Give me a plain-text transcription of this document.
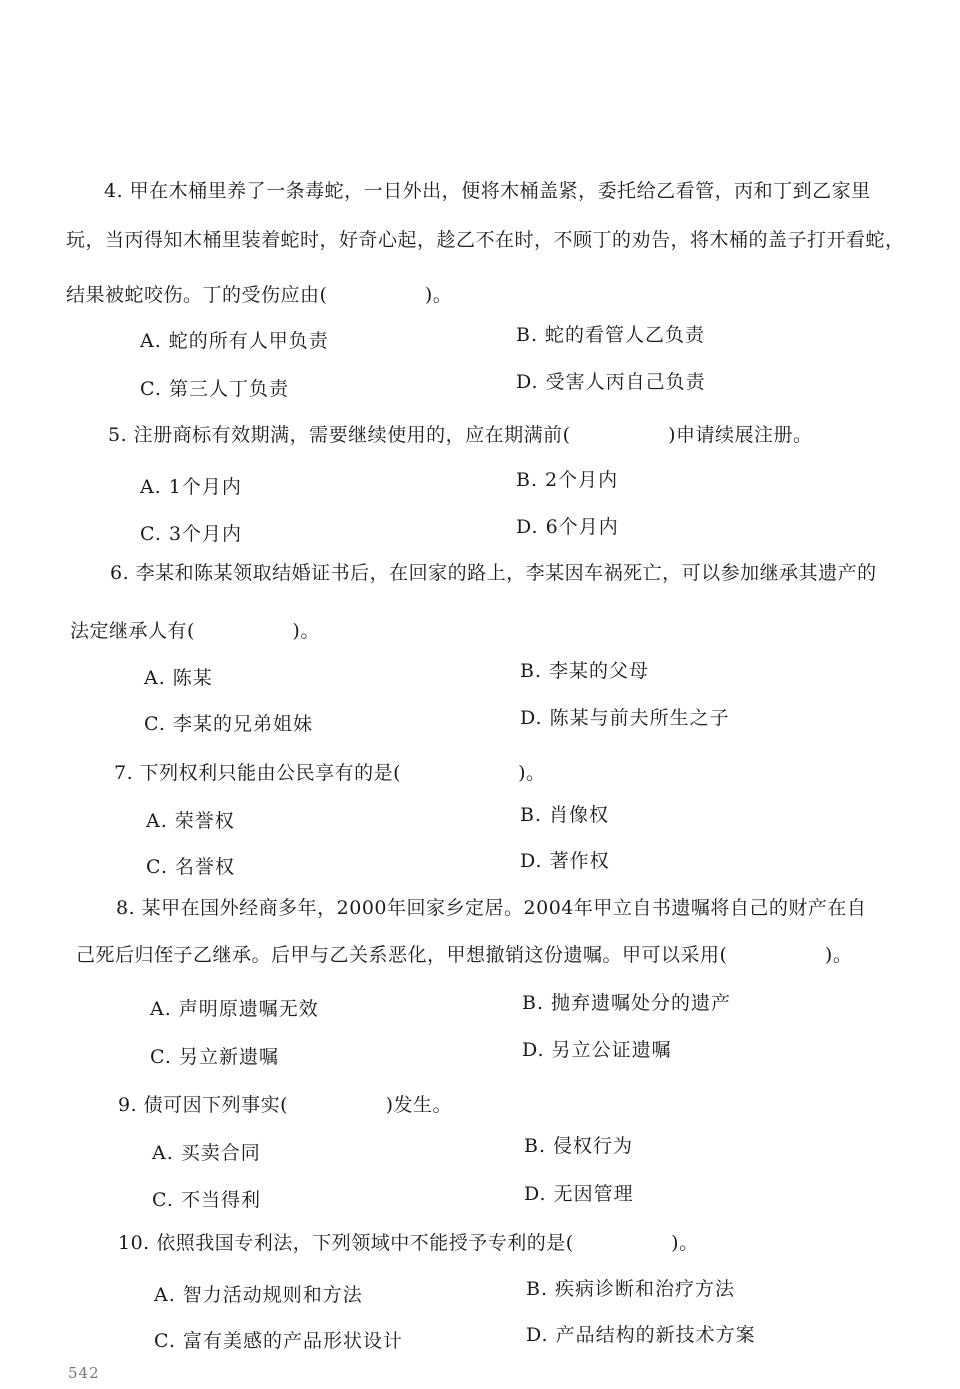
4. 甲在木桶里养了一条毒蛇，一日外出，便将木桶盖紧，委托给乙看管，丙和丁到乙家里
玩，当丙得知木桶里装着蛇时，好奇心起，趁乙不在时，不顾丁的劝告，将木桶的盖子打开看蛇，
结果被蛇咬伤。丁的受伤应由(　　　　　)。
A. 蛇的所有人甲负责	B. 蛇的看管人乙负责
C. 第三人丁负责	D. 受害人丙自己负责
5. 注册商标有效期满，需要继续使用的，应在期满前(　　　　　)申请续展注册。
A. 1个月内	B. 2个月内
C. 3个月内	D. 6个月内
6. 李某和陈某领取结婚证书后，在回家的路上，李某因车祸死亡，可以参加继承其遗产的
法定继承人有(　　　　　)。
A. 陈某	B. 李某的父母
C. 李某的兄弟姐妹	D. 陈某与前夫所生之子
7. 下列权利只能由公民享有的是(　　　　　　)。
A. 荣誉权	B. 肖像权
C. 名誉权	D. 著作权
8. 某甲在国外经商多年，2000年回家乡定居。2004年甲立自书遗嘱将自己的财产在自
己死后归侄子乙继承。后甲与乙关系恶化，甲想撤销这份遗嘱。甲可以采用(　　　　　)。
A. 声明原遗嘱无效	B. 抛弃遗嘱处分的遗产
C. 另立新遗嘱	D. 另立公证遗嘱
9. 债可因下列事实(　　　　　)发生。
A. 买卖合同	B. 侵权行为
C. 不当得利	D. 无因管理
10. 依照我国专利法，下列领域中不能授予专利的是(　　　　　)。
A. 智力活动规则和方法	B. 疾病诊断和治疗方法
C. 富有美感的产品形状设计	D. 产品结构的新技术方案
542
